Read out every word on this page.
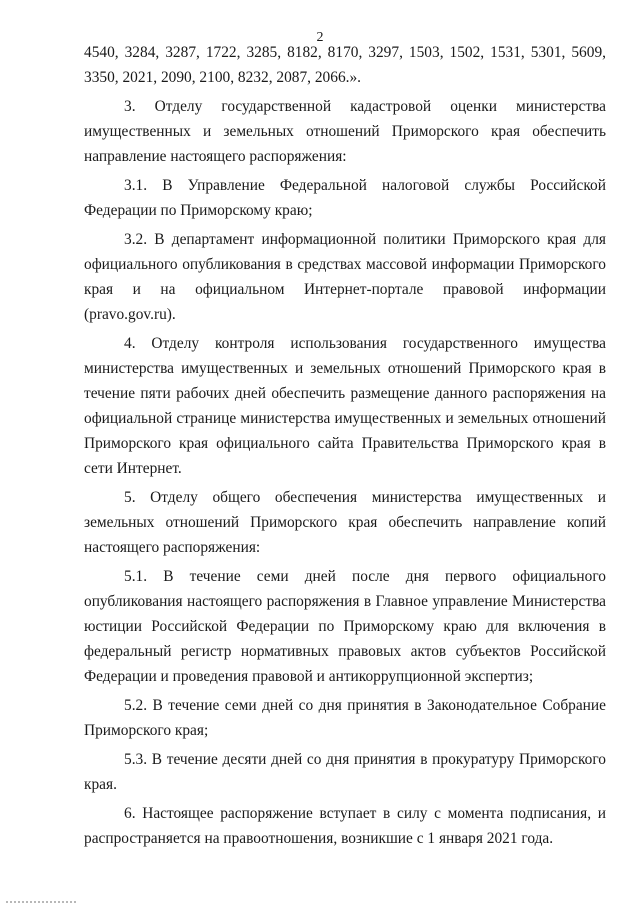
2

4540, 3284, 3287, 1722, 3285, 8182, 8170, 3297, 1503, 1502, 1531, 5301, 5609, 3350, 2021, 2090, 2100, 8232, 2087, 2066.».

3. Отделу государственной кадастровой оценки министерства имущественных и земельных отношений Приморского края обеспечить направление настоящего распоряжения:

3.1. В Управление Федеральной налоговой службы Российской Федерации по Приморскому краю;

3.2. В департамент информационной политики Приморского края для официального опубликования в средствах массовой информации Приморского края и на официальном Интернет-портале правовой информации (pravo.gov.ru).

4. Отделу контроля использования государственного имущества министерства имущественных и земельных отношений Приморского края в течение пяти рабочих дней обеспечить размещение данного распоряжения на официальной странице министерства имущественных и земельных отношений Приморского края официального сайта Правительства Приморского края в сети Интернет.

5. Отделу общего обеспечения министерства имущественных и земельных отношений Приморского края обеспечить направление копий настоящего распоряжения:

5.1. В течение семи дней после дня первого официального опубликования настоящего распоряжения в Главное управление Министерства юстиции Российской Федерации по Приморскому краю для включения в федеральный регистр нормативных правовых актов субъектов Российской Федерации и проведения правовой и антикоррупционной экспертиз;

5.2. В течение семи дней со дня принятия в Законодательное Собрание Приморского края;

5.3. В течение десяти дней со дня принятия в прокуратуру Приморского края.

6. Настоящее распоряжение вступает в силу с момента подписания, и распространяется на правоотношения, возникшие с 1 января 2021 года.
